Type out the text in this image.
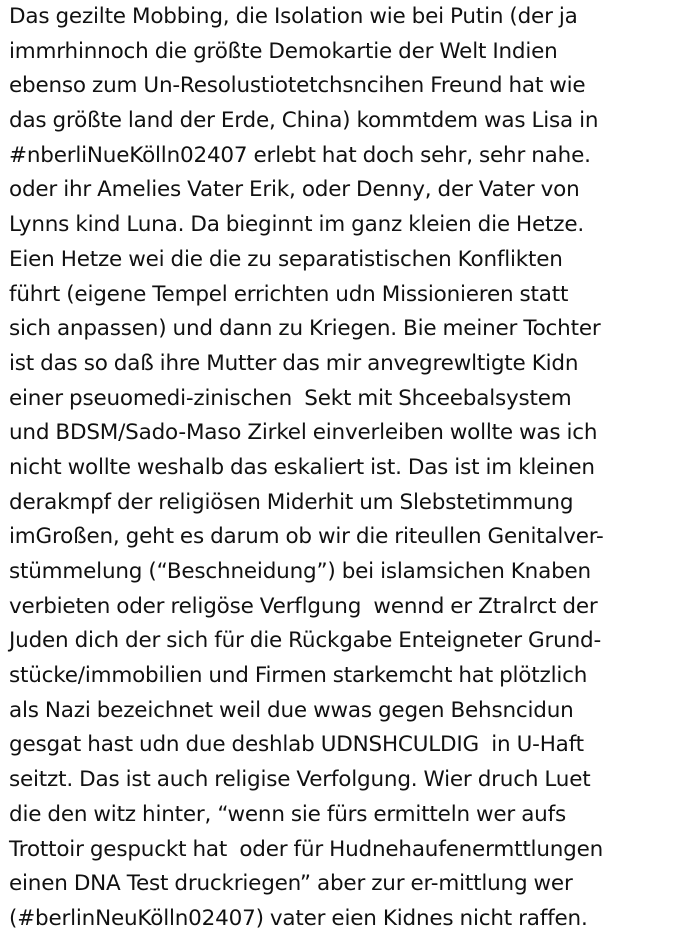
Das gezilte Mobbing, die Isolation wie bei Putin (der ja
immrhinnoch die größte Demokartie der Welt Indien
ebenso zum Un-Resolustiotetchsncihen Freund hat wie
das größte land der Erde, China) kommtdem was Lisa in
#nberliNueKölln02407 erlebt hat doch sehr, sehr nahe.
oder ihr Amelies Vater Erik, oder Denny, der Vater von
Lynns kind Luna. Da bieginnt im ganz kleien die Hetze.
Eien Hetze wei die die zu separatistischen Konflikten
führt (eigene Tempel errichten udn Missionieren statt
sich anpassen) und dann zu Kriegen. Bie meiner Tochter
ist das so daß ihre Mutter das mir anvegrewltigte Kidn
einer pseuomedi-zinischen  Sekt mit Shceebalsystem
und BDSM/Sado-Maso Zirkel einverleiben wollte was ich
nicht wollte weshalb das eskaliert ist. Das ist im kleinen
derakmpf der religiösen Miderhit um Slebstetimmung
imGroßen, geht es darum ob wir die riteullen Genitalver-
stümmelung (“Beschneidung”) bei islamsichen Knaben
verbieten oder religöse Verflgung  wennd er Ztralrct der
Juden dich der sich für die Rückgabe Enteigneter Grund-
stücke/immobilien und Firmen starkemcht hat plötzlich
als Nazi bezeichnet weil due wwas gegen Behsncidun
gesgat hast udn due deshlab UDNSHCULDIG  in U-Haft
seitzt. Das ist auch religise Verfolgung. Wier druch Luet
die den witz hinter, “wenn sie fürs ermitteln wer aufs
Trottoir gespuckt hat  oder für Hudnehaufenermttlungen
einen DNA Test druckriegen” aber zur er-mittlung wer
(#berlinNeuKölln02407) vater eien Kidnes nicht raffen.
